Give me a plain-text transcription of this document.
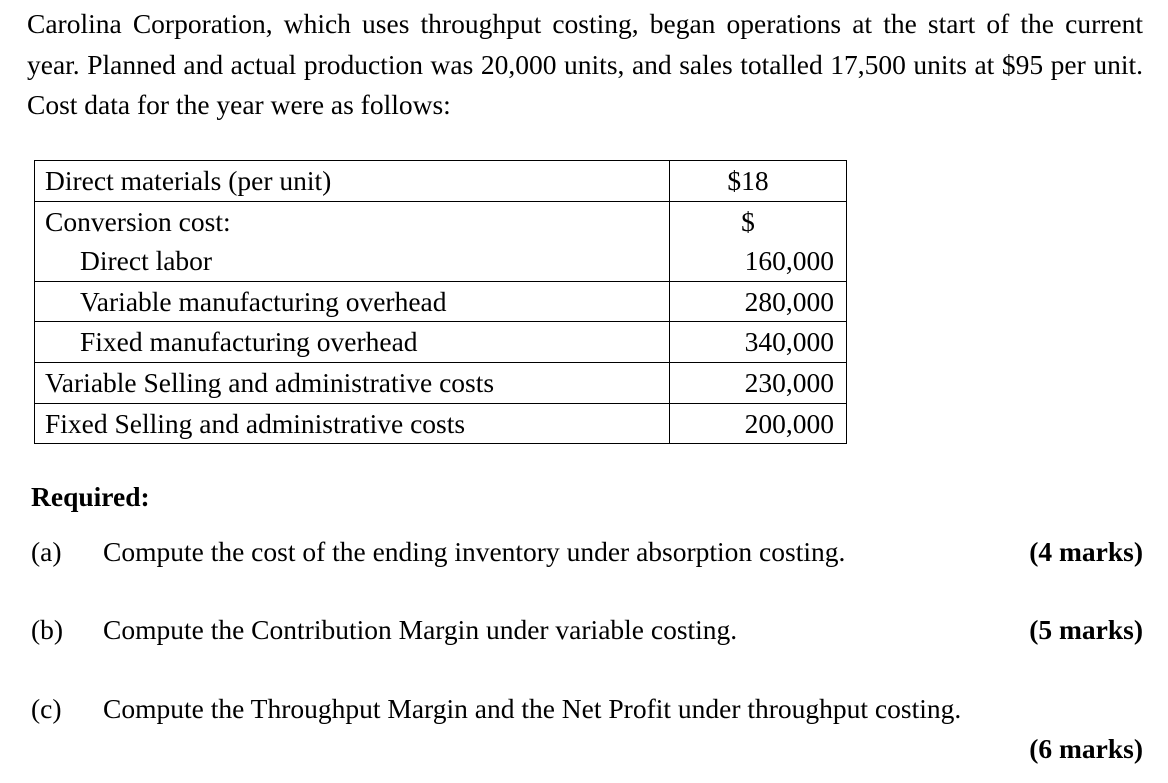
Carolina Corporation, which uses throughput costing, began operations at the start of the current year. Planned and actual production was 20,000 units, and sales totalled 17,500 units at $95 per unit. Cost data for the year were as follows:
Direct materials (per unit)	$18
Conversion cost:	$
Direct labor	160,000
Variable manufacturing overhead	280,000
Fixed manufacturing overhead	340,000
Variable Selling and administrative costs	230,000
Fixed Selling and administrative costs	200,000
Required:
(a) Compute the cost of the ending inventory under absorption costing.	(4 marks)
(b) Compute the Contribution Margin under variable costing.	(5 marks)
(c) Compute the Throughput Margin and the Net Profit under throughput costing.
(6 marks)
